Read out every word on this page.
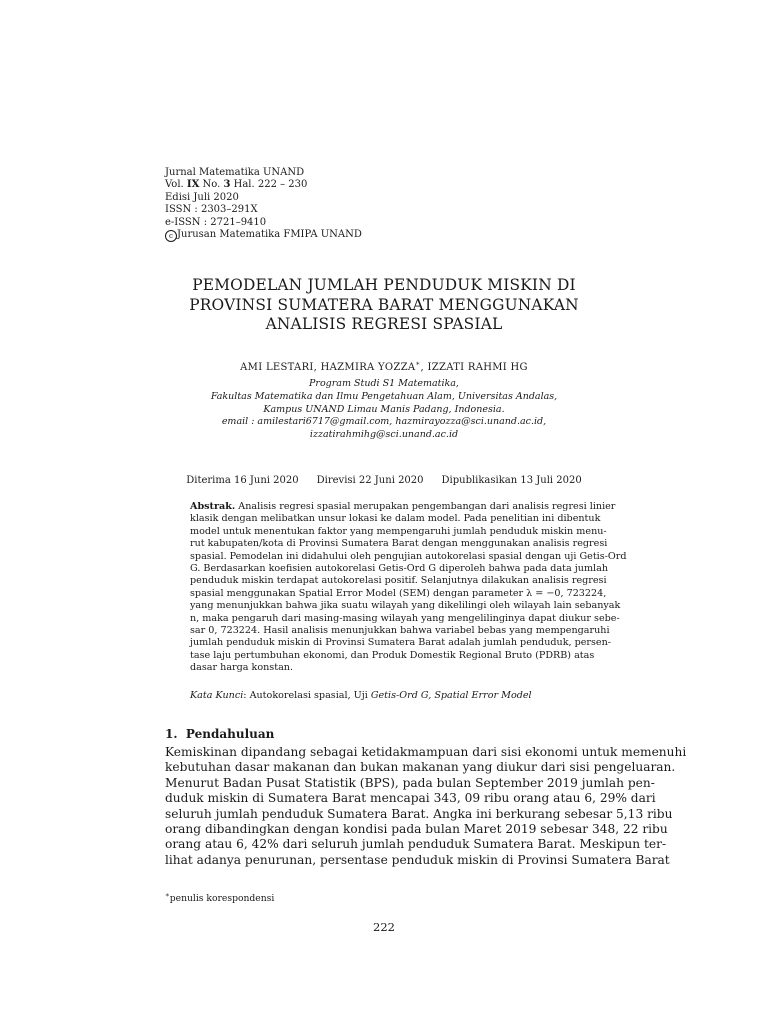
Jurnal Matematika UNAND
Vol. IX No. 3 Hal. 222 – 230
Edisi Juli 2020
ISSN : 2303–291X
e-ISSN : 2721–9410
c Jurusan Matematika FMIPA UNAND
PEMODELAN JUMLAH PENDUDUK MISKIN DI
PROVINSI SUMATERA BARAT MENGGUNAKAN
ANALISIS REGRESI SPASIAL
AMI LESTARI, HAZMIRA YOZZA∗, IZZATI RAHMI HG
Program Studi S1 Matematika,
Fakultas Matematika dan Ilmu Pengetahuan Alam, Universitas Andalas,
Kampus UNAND Limau Manis Padang, Indonesia.
email : amilestari6717@gmail.com, hazmirayozza@sci.unand.ac.id,
izzatirahmihg@sci.unand.ac.id
Diterima 16 Juni 2020 Direvisi 22 Juni 2020 Dipublikasikan 13 Juli 2020
Abstrak. Analisis regresi spasial merupakan pengembangan dari analisis regresi linier
klasik dengan melibatkan unsur lokasi ke dalam model. Pada penelitian ini dibentuk
model untuk menentukan faktor yang mempengaruhi jumlah penduduk miskin menu-
rut kabupaten/kota di Provinsi Sumatera Barat dengan menggunakan analisis regresi
spasial. Pemodelan ini didahului oleh pengujian autokorelasi spasial dengan uji Getis-Ord
G. Berdasarkan koefisien autokorelasi Getis-Ord G diperoleh bahwa pada data jumlah
penduduk miskin terdapat autokorelasi positif. Selanjutnya dilakukan analisis regresi
spasial menggunakan Spatial Error Model (SEM) dengan parameter λ = −0, 723224,
yang menunjukkan bahwa jika suatu wilayah yang dikelilingi oleh wilayah lain sebanyak
n, maka pengaruh dari masing-masing wilayah yang mengelilinginya dapat diukur sebe-
sar 0, 723224. Hasil analisis menunjukkan bahwa variabel bebas yang mempengaruhi
jumlah penduduk miskin di Provinsi Sumatera Barat adalah jumlah penduduk, persen-
tase laju pertumbuhan ekonomi, dan Produk Domestik Regional Bruto (PDRB) atas
dasar harga konstan.
Kata Kunci: Autokorelasi spasial, Uji Getis-Ord G, Spatial Error Model
1. Pendahuluan
Kemiskinan dipandang sebagai ketidakmampuan dari sisi ekonomi untuk memenuhi
kebutuhan dasar makanan dan bukan makanan yang diukur dari sisi pengeluaran.
Menurut Badan Pusat Statistik (BPS), pada bulan September 2019 jumlah pen-
duduk miskin di Sumatera Barat mencapai 343, 09 ribu orang atau 6, 29% dari
seluruh jumlah penduduk Sumatera Barat. Angka ini berkurang sebesar 5,13 ribu
orang dibandingkan dengan kondisi pada bulan Maret 2019 sebesar 348, 22 ribu
orang atau 6, 42% dari seluruh jumlah penduduk Sumatera Barat. Meskipun ter-
lihat adanya penurunan, persentase penduduk miskin di Provinsi Sumatera Barat
∗penulis korespondensi
222
